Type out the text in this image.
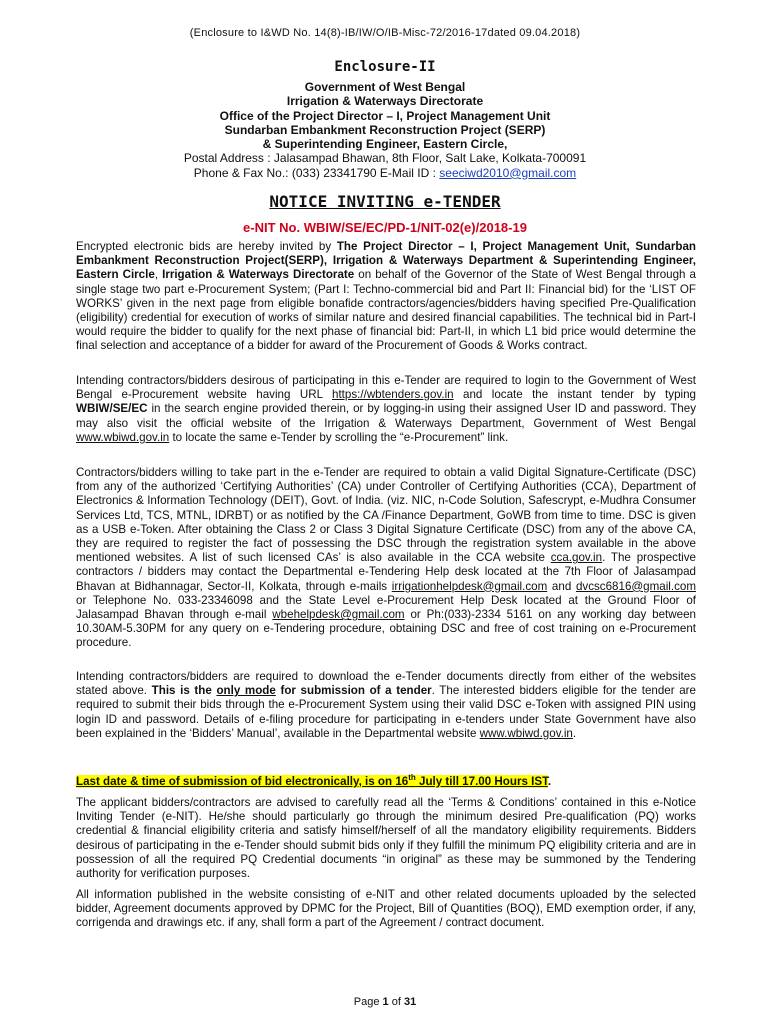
(Enclosure to I&WD No. 14(8)-IB/IW/O/IB-Misc-72/2016-17dated 09.04.2018)
Enclosure-II
Government of West Bengal
Irrigation & Waterways Directorate
Office of the Project Director – I, Project Management Unit
Sundarban Embankment Reconstruction Project (SERP)
& Superintending Engineer, Eastern Circle,
Postal Address : Jalasampad Bhawan, 8th Floor, Salt Lake, Kolkata-700091
Phone & Fax No.: (033) 23341790 E-Mail ID : seeciwd2010@gmail.com
NOTICE INVITING e-TENDER
e-NIT No. WBIW/SE/EC/PD-1/NIT-02(e)/2018-19
Encrypted electronic bids are hereby invited by The Project Director – I, Project Management Unit, Sundarban Embankment Reconstruction Project(SERP), Irrigation & Waterways Department & Superintending Engineer, Eastern Circle, Irrigation & Waterways Directorate on behalf of the Governor of the State of West Bengal through a single stage two part e-Procurement System; (Part I: Techno-commercial bid and Part II: Financial bid) for the ‘LIST OF WORKS’ given in the next page from eligible bonafide contractors/agencies/bidders having specified Pre-Qualification (eligibility) credential for execution of works of similar nature and desired financial capabilities. The technical bid in Part-I would require the bidder to qualify for the next phase of financial bid: Part-II, in which L1 bid price would determine the final selection and acceptance of a bidder for award of the Procurement of Goods & Works contract.
Intending contractors/bidders desirous of participating in this e-Tender are required to login to the Government of West Bengal e-Procurement website having URL https://wbtenders.gov.in and locate the instant tender by typing WBIW/SE/EC in the search engine provided therein, or by logging-in using their assigned User ID and password. They may also visit the official website of the Irrigation & Waterways Department, Government of West Bengal www.wbiwd.gov.in to locate the same e-Tender by scrolling the “e-Procurement” link.
Contractors/bidders willing to take part in the e-Tender are required to obtain a valid Digital Signature-Certificate (DSC) from any of the authorized ‘Certifying Authorities’ (CA) under Controller of Certifying Authorities (CCA), Department of Electronics & Information Technology (DEIT), Govt. of India. (viz. NIC, n-Code Solution, Safescrypt, e-Mudhra Consumer Services Ltd, TCS, MTNL, IDRBT) or as notified by the CA /Finance Department, GoWB from time to time. DSC is given as a USB e-Token. After obtaining the Class 2 or Class 3 Digital Signature Certificate (DSC) from any of the above CA, they are required to register the fact of possessing the DSC through the registration system available in the above mentioned websites. A list of such licensed CAs’ is also available in the CCA website cca.gov.in. The prospective contractors / bidders may contact the Departmental e-Tendering Help desk located at the 7th Floor of Jalasampad Bhavan at Bidhannagar, Sector-II, Kolkata, through e-mails irrigationhelpdesk@gmail.com and dvcsc6816@gmail.com or Telephone No. 033-23346098 and the State Level e-Procurement Help Desk located at the Ground Floor of Jalasampad Bhavan through e-mail wbehelpdesk@gmail.com or Ph:(033)-2334 5161 on any working day between 10.30AM-5.30PM for any query on e-Tendering procedure, obtaining DSC and free of cost training on e-Procurement procedure.
Intending contractors/bidders are required to download the e-Tender documents directly from either of the websites stated above. This is the only mode for submission of a tender. The interested bidders eligible for the tender are required to submit their bids through the e-Procurement System using their valid DSC e-Token with assigned PIN using login ID and password. Details of e-filing procedure for participating in e-tenders under State Government have also been explained in the ‘Bidders’ Manual’, available in the Departmental website www.wbiwd.gov.in.
Last date & time of submission of bid electronically, is on 16th July till 17.00 Hours IST.
The applicant bidders/contractors are advised to carefully read all the ‘Terms & Conditions’ contained in this e-Notice Inviting Tender (e-NIT). He/she should particularly go through the minimum desired Pre-qualification (PQ) works credential & financial eligibility criteria and satisfy himself/herself of all the mandatory eligibility requirements. Bidders desirous of participating in the e-Tender should submit bids only if they fulfill the minimum PQ eligibility criteria and are in possession of all the required PQ Credential documents “in original” as these may be summoned by the Tendering authority for verification purposes.
All information published in the website consisting of e-NIT and other related documents uploaded by the selected bidder, Agreement documents approved by DPMC for the Project, Bill of Quantities (BOQ), EMD exemption order, if any, corrigenda and drawings etc. if any, shall form a part of the Agreement / contract document.
Page 1 of 31
